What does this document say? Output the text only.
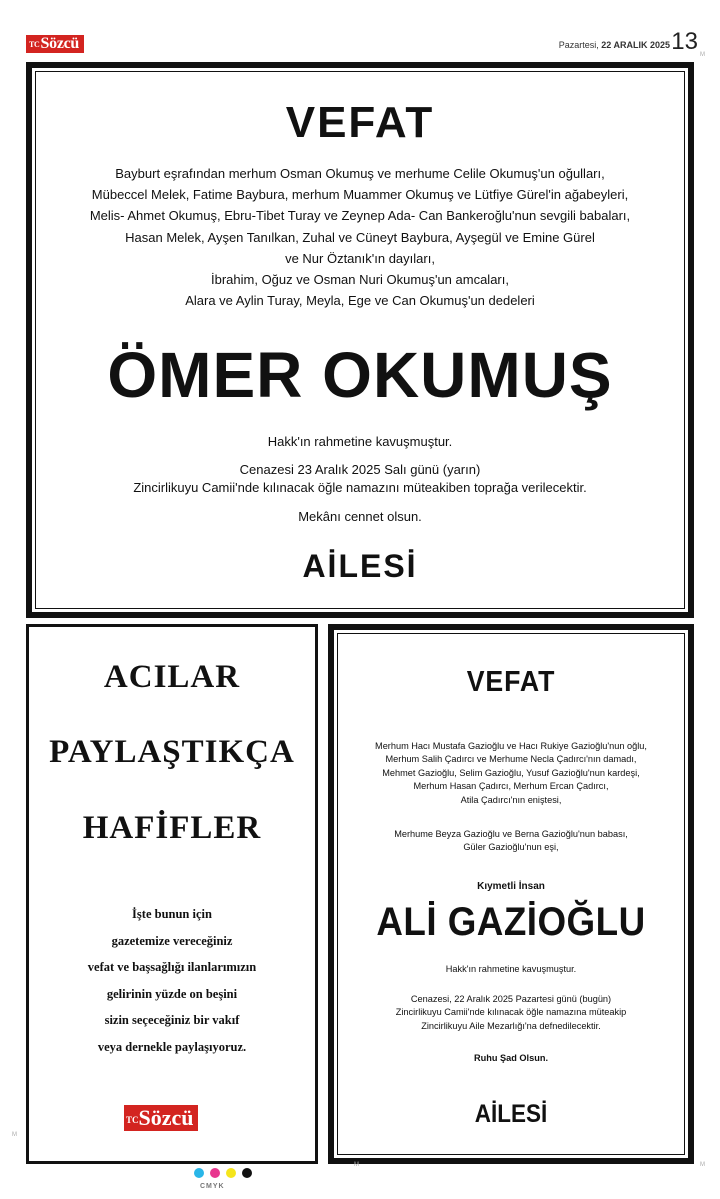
TCSözcü	Pazartesi, 22 ARALIK 2025 13 M
VEFAT
Bayburt eşrafından merhum Osman Okumuş ve merhume Celile Okumuş'un oğulları,
Mübeccel Melek, Fatime Baybura, merhum Muammer Okumuş ve Lütfiye Gürel'in ağabeyleri,
Melis- Ahmet Okumuş, Ebru-Tibet Turay ve Zeynep Ada- Can Bankeroğlu'nun sevgili babaları,
Hasan Melek, Ayşen Tanılkan, Zuhal ve Cüneyt Baybura, Ayşegül ve Emine Gürel
ve Nur Öztanık'ın dayıları,
İbrahim, Oğuz ve Osman Nuri Okumuş'un amcaları,
Alara ve Aylin Turay, Meyla, Ege ve Can Okumuş'un dedeleri
ÖMER OKUMUŞ
Hakk'ın rahmetine kavuşmuştur.
Cenazesi 23 Aralık 2025 Salı günü (yarın)
Zincirlikuyu Camii'nde kılınacak öğle namazını müteakiben toprağa verilecektir.
Mekânı cennet olsun.
AİLESİ
ACILAR
PAYLAŞTIKÇA
HAFİFLER
İşte bunun için
gazetemize vereceğiniz
vefat ve başsağlığı ilanlarımızın
gelirinin yüzde on beşini
sizin seçeceğiniz bir vakıf
veya dernekle paylaşıyoruz.
TCSözcü
VEFAT
Merhum Hacı Mustafa Gazioğlu ve Hacı Rukiye Gazioğlu'nun oğlu,
Merhum Salih Çadırcı ve Merhume Necla Çadırcı'nın damadı,
Mehmet Gazioğlu, Selim Gazioğlu, Yusuf Gazioğlu'nun kardeşi,
Merhum Hasan Çadırcı, Merhum Ercan Çadırcı,
Atila Çadırcı'nın eniştesi,
Merhume Beyza Gazioğlu ve Berna Gazioğlu'nun babası,
Güler Gazioğlu'nun eşi,
Kıymetli İnsan
ALİ GAZİOĞLU
Hakk'ın rahmetine kavuşmuştur.
Cenazesi, 22 Aralık 2025 Pazartesi günü (bugün)
Zincirlikuyu Camii'nde kılınacak öğle namazına müteakip
Zincirlikuyu Aile Mezarlığı'na defnedilecektir.
Ruhu Şad Olsun.
AİLESİ
CMYK
M
M	M
